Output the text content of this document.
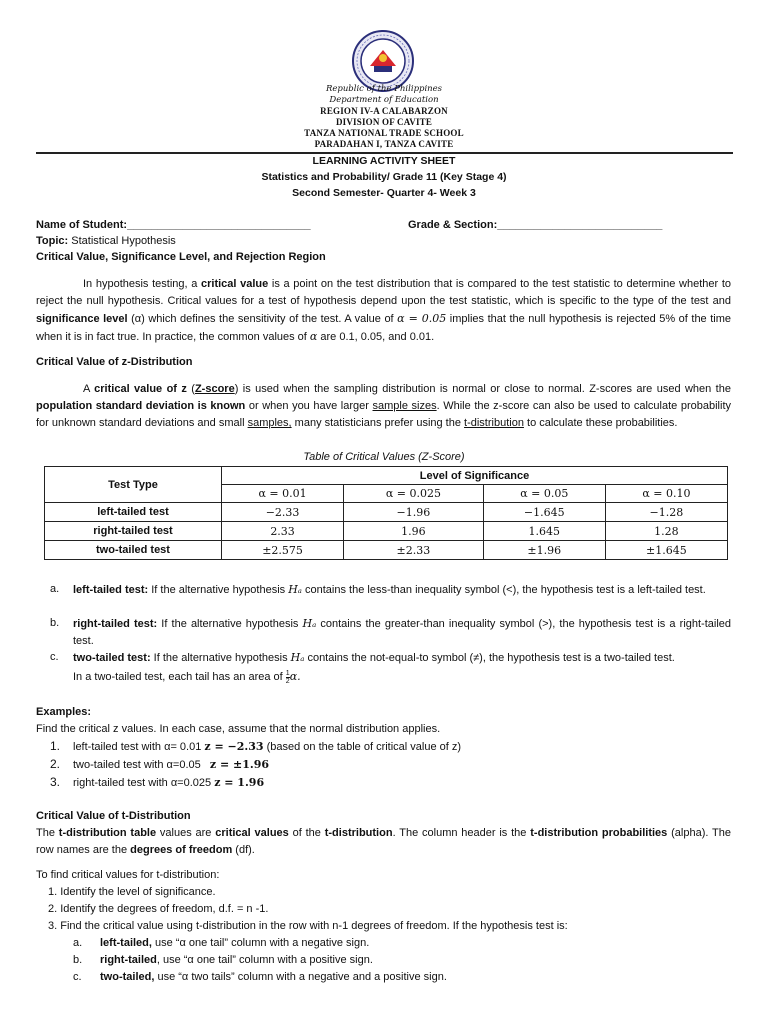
Republic of the Philippines
Department of Education
REGION IV-A CALABARZON
DIVISION OF CAVITE
TANZA NATIONAL TRADE SCHOOL
PARADAHAN I, TANZA CAVITE
LEARNING ACTIVITY SHEET
Statistics and Probability/ Grade 11 (Key Stage 4)
Second Semester- Quarter 4- Week 3
Name of Student:______________________________	Grade & Section:___________________________
Topic: Statistical Hypothesis
Critical Value, Significance Level, and Rejection Region
In hypothesis testing, a critical value is a point on the test distribution that is compared to the test statistic to determine whether to reject the null hypothesis. Critical values for a test of hypothesis depend upon the test statistic, which is specific to the type of the test and significance level (α) which defines the sensitivity of the test. A value of α = 0.05 implies that the null hypothesis is rejected 5% of the time when it is in fact true. In practice, the common values of α are 0.1, 0.05, and 0.01.
Critical Value of z-Distribution
A critical value of z (Z-score) is used when the sampling distribution is normal or close to normal. Z-scores are used when the population standard deviation is known or when you have larger sample sizes. While the z-score can also be used to calculate probability for unknown standard deviations and small samples, many statisticians prefer using the t-distribution to calculate these probabilities.
Table of Critical Values (Z-Score)
Test Type	Level of Significance			
	α = 0.01	α = 0.025	α = 0.05	α = 0.10
left-tailed test	−2.33	−1.96	−1.645	−1.28
right-tailed test	2.33	1.96	1.645	1.28
two-tailed test	±2.575	±2.33	±1.96	±1.645
a. left-tailed test: If the alternative hypothesis Hₐ contains the less-than inequality symbol (<), the hypothesis test is a left-tailed test.
b. right-tailed test: If the alternative hypothesis Hₐ contains the greater-than inequality symbol (>), the hypothesis test is a right-tailed test.
c. two-tailed test: If the alternative hypothesis Hₐ contains the not-equal-to symbol (≠), the hypothesis test is a two-tailed test.
In a two-tailed test, each tail has an area of $\frac{1}{2} \alpha$.
Examples:
Find the critical z values. In each case, assume that the normal distribution applies.
1. left-tailed test with α= 0.01 z = −2.33 (based on the table of critical value of z)
2. two-tailed test with α=0.05   z = ±1.96
3. right-tailed test with α=0.025 z = 1.96
Critical Value of t-Distribution
The t-distribution table values are critical values of the t-distribution. The column header is the t-distribution probabilities (alpha). The row names are the degrees of freedom (df).
To find critical values for t-distribution:
1. Identify the level of significance.
2. Identify the degrees of freedom, d.f. = n -1.
3. Find the critical value using t-distribution in the row with n-1 degrees of freedom. If the hypothesis test is:
a. left-tailed, use “α one tail” column with a negative sign.
b. right-tailed, use “α one tail” column with a positive sign.
c. two-tailed, use “α two tails” column with a negative and a positive sign.
